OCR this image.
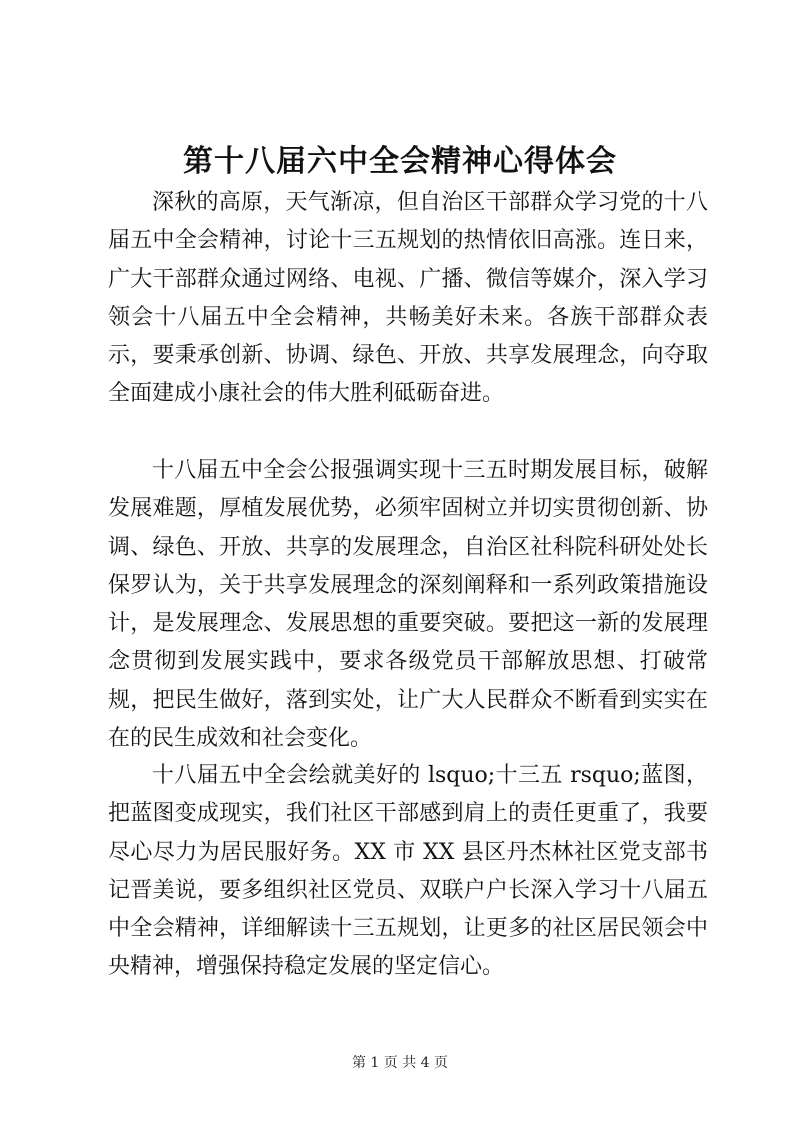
第十八届六中全会精神心得体会

深秋的高原，天气渐凉，但自治区干部群众学习党的十八届五中全会精神，讨论十三五规划的热情依旧高涨。连日来，广大干部群众通过网络、电视、广播、微信等媒介，深入学习领会十八届五中全会精神，共畅美好未来。各族干部群众表示，要秉承创新、协调、绿色、开放、共享发展理念，向夺取全面建成小康社会的伟大胜利砥砺奋进。

十八届五中全会公报强调实现十三五时期发展目标，破解发展难题，厚植发展优势，必须牢固树立并切实贯彻创新、协调、绿色、开放、共享的发展理念，自治区社科院科研处处长保罗认为，关于共享发展理念的深刻阐释和一系列政策措施设计，是发展理念、发展思想的重要突破。要把这一新的发展理念贯彻到发展实践中，要求各级党员干部解放思想、打破常规，把民生做好，落到实处，让广大人民群众不断看到实实在在的民生成效和社会变化。

十八届五中全会绘就美好的 lsquo;十三五 rsquo;蓝图，把蓝图变成现实，我们社区干部感到肩上的责任更重了，我要尽心尽力为居民服好务。XX 市 XX 县区丹杰林社区党支部书记晋美说，要多组织社区党员、双联户户长深入学习十八届五中全会精神，详细解读十三五规划，让更多的社区居民领会中央精神，增强保持稳定发展的坚定信心。

第 1 页 共 4 页
